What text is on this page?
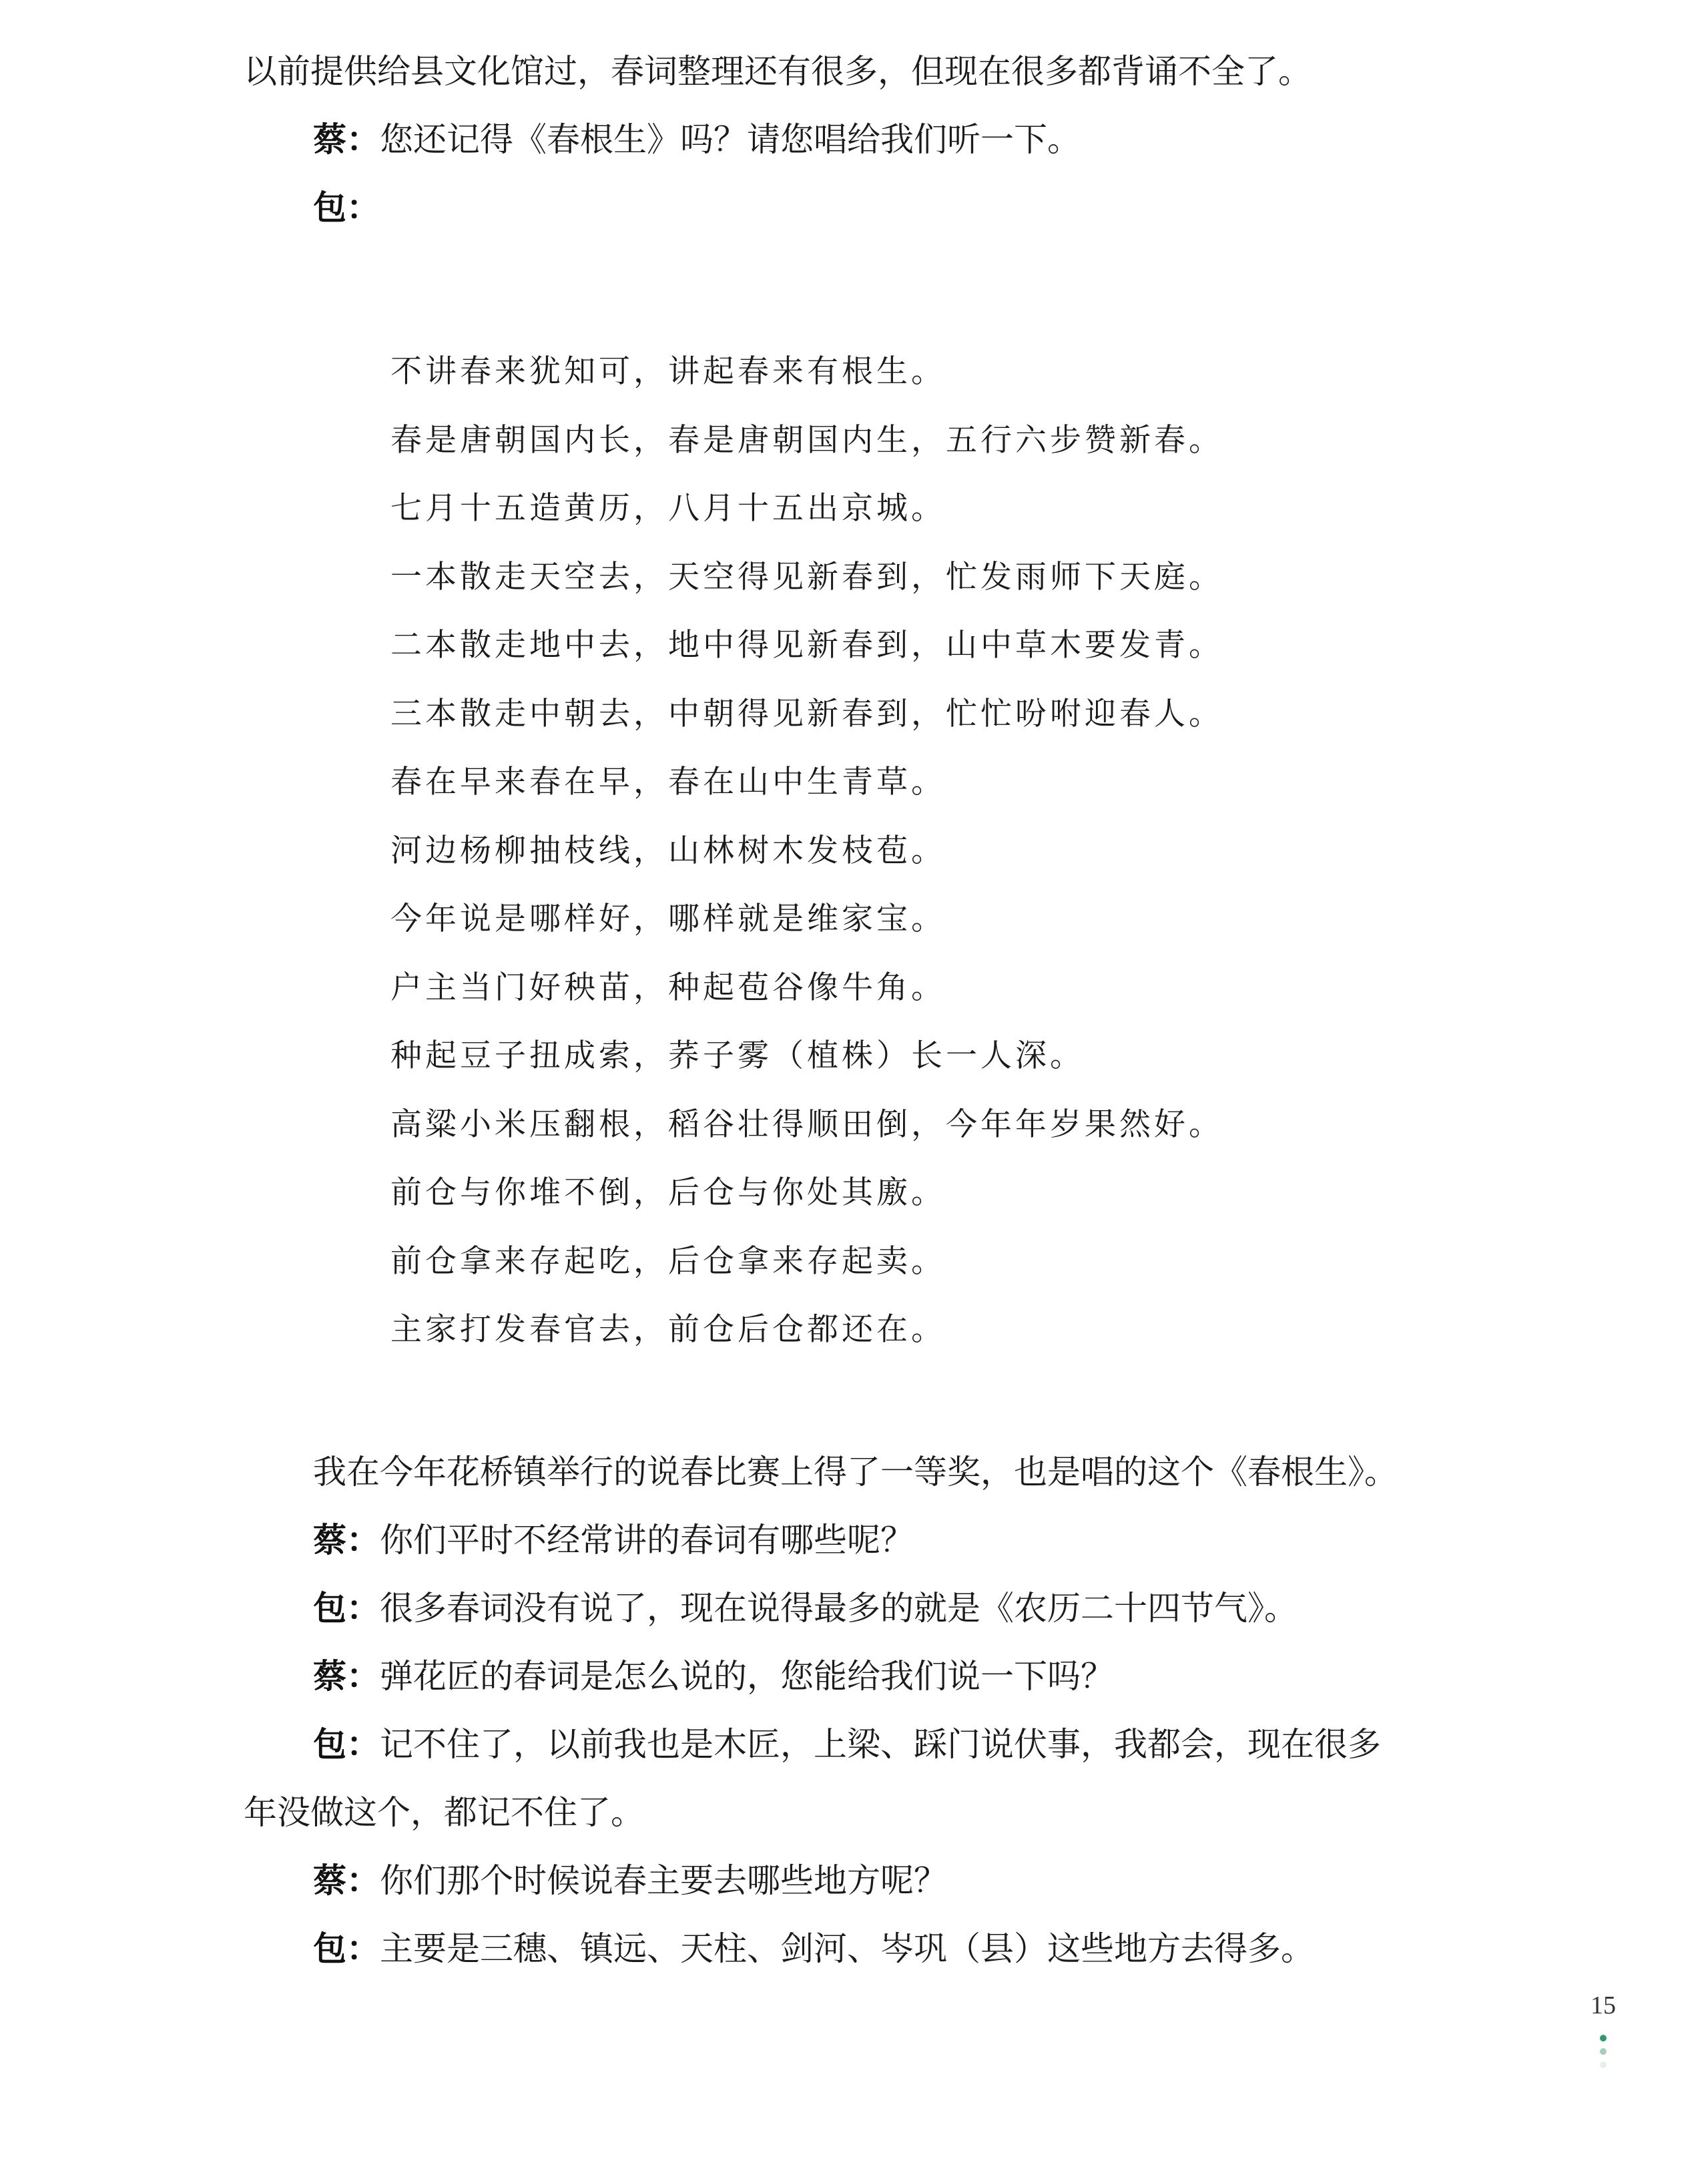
以前提供给县文化馆过，春词整理还有很多，但现在很多都背诵不全了。

蔡：您还记得《春根生》吗？请您唱给我们听一下。

包：

不讲春来犹知可，讲起春来有根生。

春是唐朝国内长，春是唐朝国内生，五行六步赞新春。

七月十五造黄历，八月十五出京城。

一本散走天空去，天空得见新春到，忙发雨师下天庭。

二本散走地中去，地中得见新春到，山中草木要发青。

三本散走中朝去，中朝得见新春到，忙忙吩咐迎春人。

春在早来春在早，春在山中生青草。

河边杨柳抽枝线，山林树木发枝苞。

今年说是哪样好，哪样就是维家宝。

户主当门好秧苗，种起苞谷像牛角。

种起豆子扭成索，荞子雾（植株）长一人深。

高粱小米压翻根，稻谷壮得顺田倒，今年年岁果然好。

前仓与你堆不倒，后仓与你处其廒。

前仓拿来存起吃，后仓拿来存起卖。

主家打发春官去，前仓后仓都还在。

我在今年花桥镇举行的说春比赛上得了一等奖，也是唱的这个《春根生》。

蔡：你们平时不经常讲的春词有哪些呢？

包：很多春词没有说了，现在说得最多的就是《农历二十四节气》。

蔡：弹花匠的春词是怎么说的，您能给我们说一下吗？

包：记不住了，以前我也是木匠，上梁、踩门说伏事，我都会，现在很多

年没做这个，都记不住了。

蔡：你们那个时候说春主要去哪些地方呢？

包：主要是三穗、镇远、天柱、剑河、岑巩（县）这些地方去得多。

15
